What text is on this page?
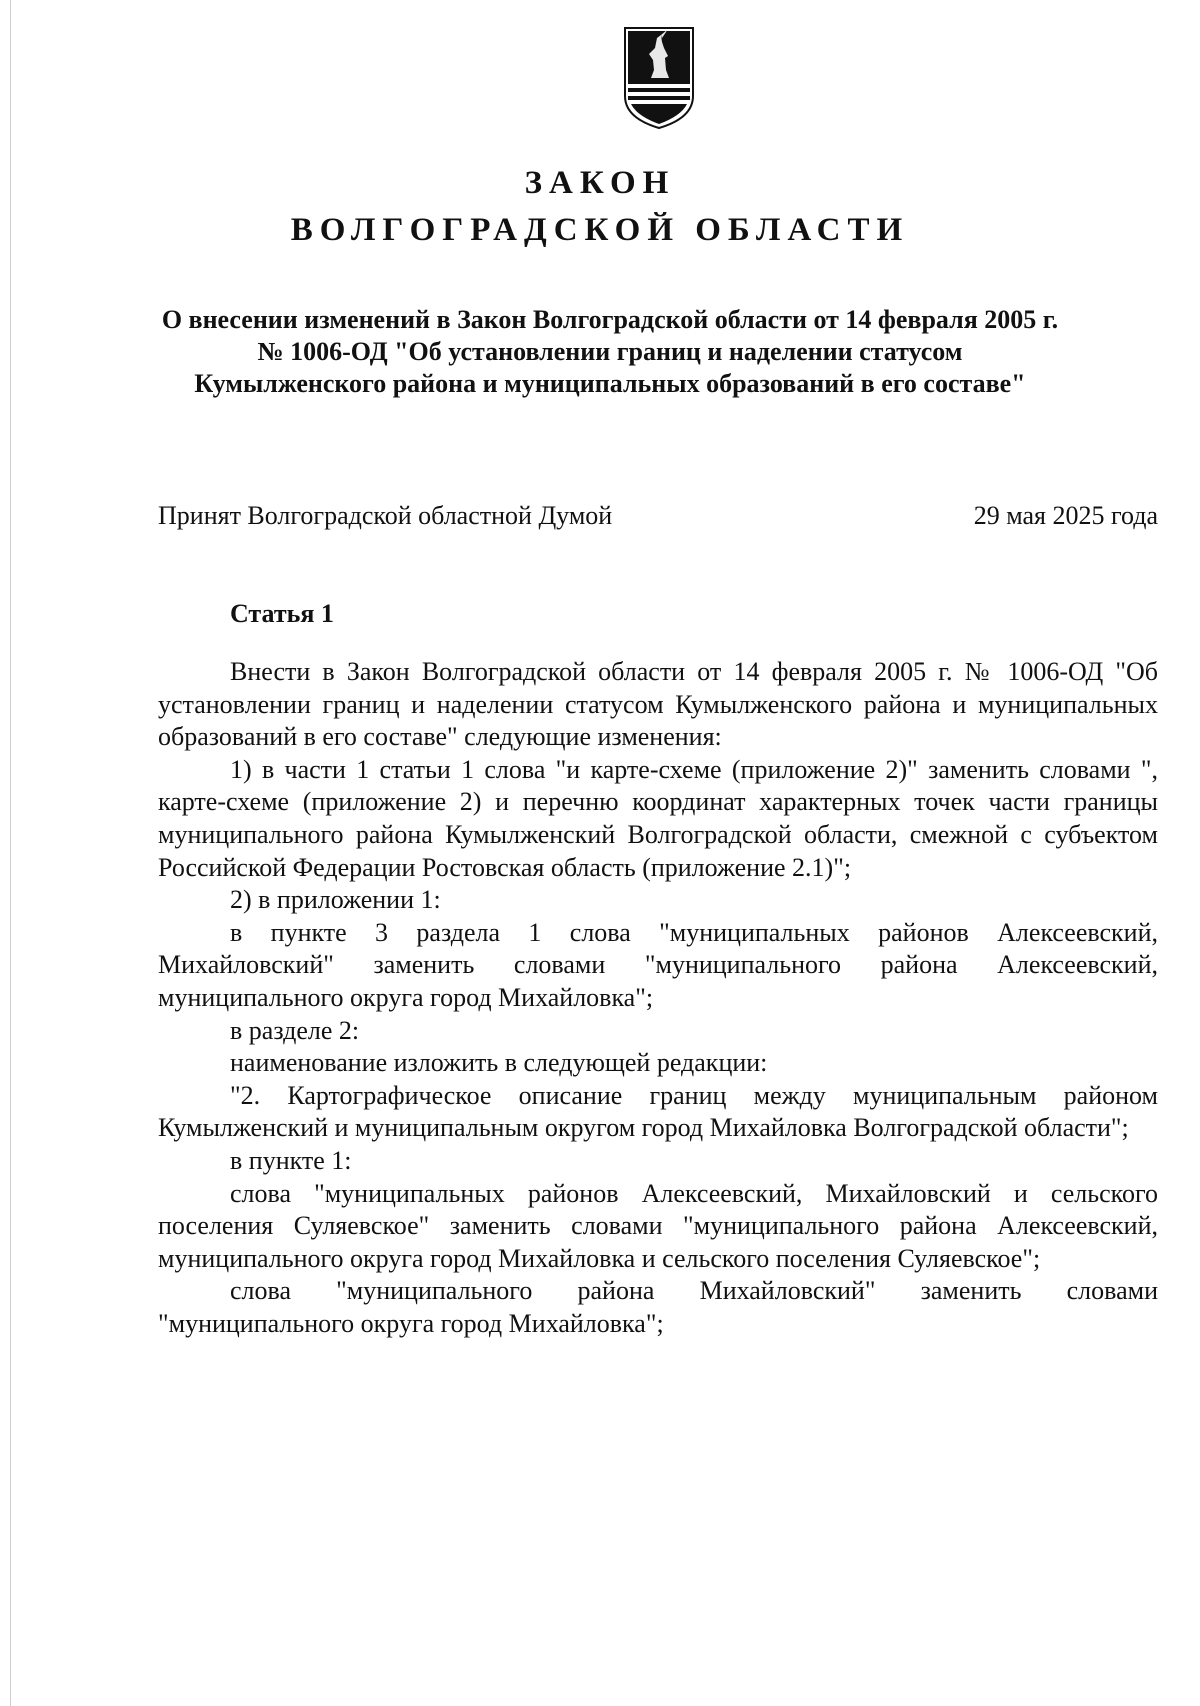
ЗАКОН
ВОЛГОГРАДСКОЙ ОБЛАСТИ
О внесении изменений в Закон Волгоградской области от 14 февраля 2005 г.
№ 1006-ОД "Об установлении границ и наделении статусом
Кумылженского района и муниципальных образований в его составе"
Принят Волгоградской областной Думой	29 мая 2025 года
Статья 1

Внести в Закон Волгоградской области от 14 февраля 2005 г. № 1006-ОД "Об установлении границ и наделении статусом Кумылженского района и муниципальных образований в его составе" следующие изменения:

1) в части 1 статьи 1 слова "и карте-схеме (приложение 2)" заменить словами ", карте-схеме (приложение 2) и перечню координат характерных точек части границы муниципального района Кумылженский Волгоградской области, смежной с субъектом Российской Федерации Ростовская область (приложение 2.1)";

2) в приложении 1:

в пункте 3 раздела 1 слова "муниципальных районов Алексеевский, Михайловский" заменить словами "муниципального района Алексеевский, муниципального округа город Михайловка";

в разделе 2:

наименование изложить в следующей редакции:

"2. Картографическое описание границ между муниципальным районом Кумылженский и муниципальным округом город Михайловка Волгоградской области";

в пункте 1:

слова "муниципальных районов Алексеевский, Михайловский и сельского поселения Суляевское" заменить словами "муниципального района Алексеевский, муниципального округа город Михайловка и сельского поселения Суляевское";

слова "муниципального района Михайловский" заменить словами "муниципального округа город Михайловка";
